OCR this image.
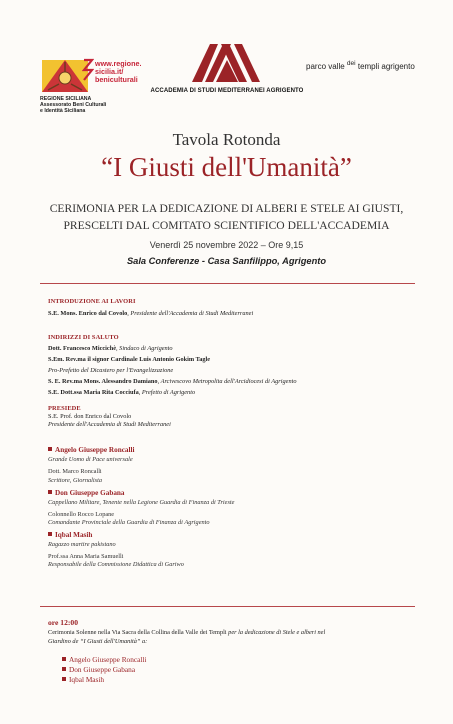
REGIONE SICILIANA
Assessorato Beni Culturali
e Identità Siciliana
www.regione.
sicilia.it/
beniculturali
ACCADEMIA DI STUDI MEDITERRANEI AGRIGENTO
parco valle $^{dei}$ templi agrigento
Tavola Rotonda
“I Giusti dell'Umanità”
CERIMONIA PER LA DEDICAZIONE DI ALBERI E STELE AI GIUSTI,
PRESCELTI DAL COMITATO SCIENTIFICO DELL'ACCADEMIA
Venerdì 25 novembre 2022 – Ore 9,15
Sala Conferenze - Casa Sanfilippo, Agrigento
INTRODUZIONE AI LAVORI
S.E. Mons. Enrico dal Covolo, Presidente dell'Accademia di Studi Mediterranei
INDIRIZZI DI SALUTO
Dott. Francesco Miccichè, Sindaco di Agrigento
S.Em. Rev.ma il signor Cardinale Luis Antonio Gokim Tagle
Pro-Prefetto del Dicastero per l'Evangelizzazione
S. E. Rev.ma Mons. Alessandro Damiano, Arcivescovo Metropolita dell'Arcidiocesi di Agrigento
S.E. Dott.ssa Maria Rita Cocciufa, Prefetto di Agrigento
PRESIEDE
S.E. Prof. don Enrico dal Covolo
Presidente dell'Accademia di Studi Mediterranei
Angelo Giuseppe Roncalli
Grande Uomo di Pace universale
Dott. Marco Roncalli
Scrittore, Giornalista
Don Giuseppe Gabana
Cappellano Militare, Tenente nella Legione Guardia di Finanza di Trieste
Colonnello Rocco Lopane
Comandante Provinciale della Guardia di Finanza di Agrigento
Iqbal Masih
Ragazzo martire pakistano
Prof.ssa Anna Maria Samuelli
Responsabile della Commissione Didattica di Gariwo
ore 12:00
Cerimonia Solenne nella Via Sacra della Collina della Valle dei Templi per la dedicazione di Stele e alberi nel
Giardino de “I Giusti dell'Umanità” a:
Angelo Giuseppe Roncalli
Don Giuseppe Gabana
Iqbal Masih
